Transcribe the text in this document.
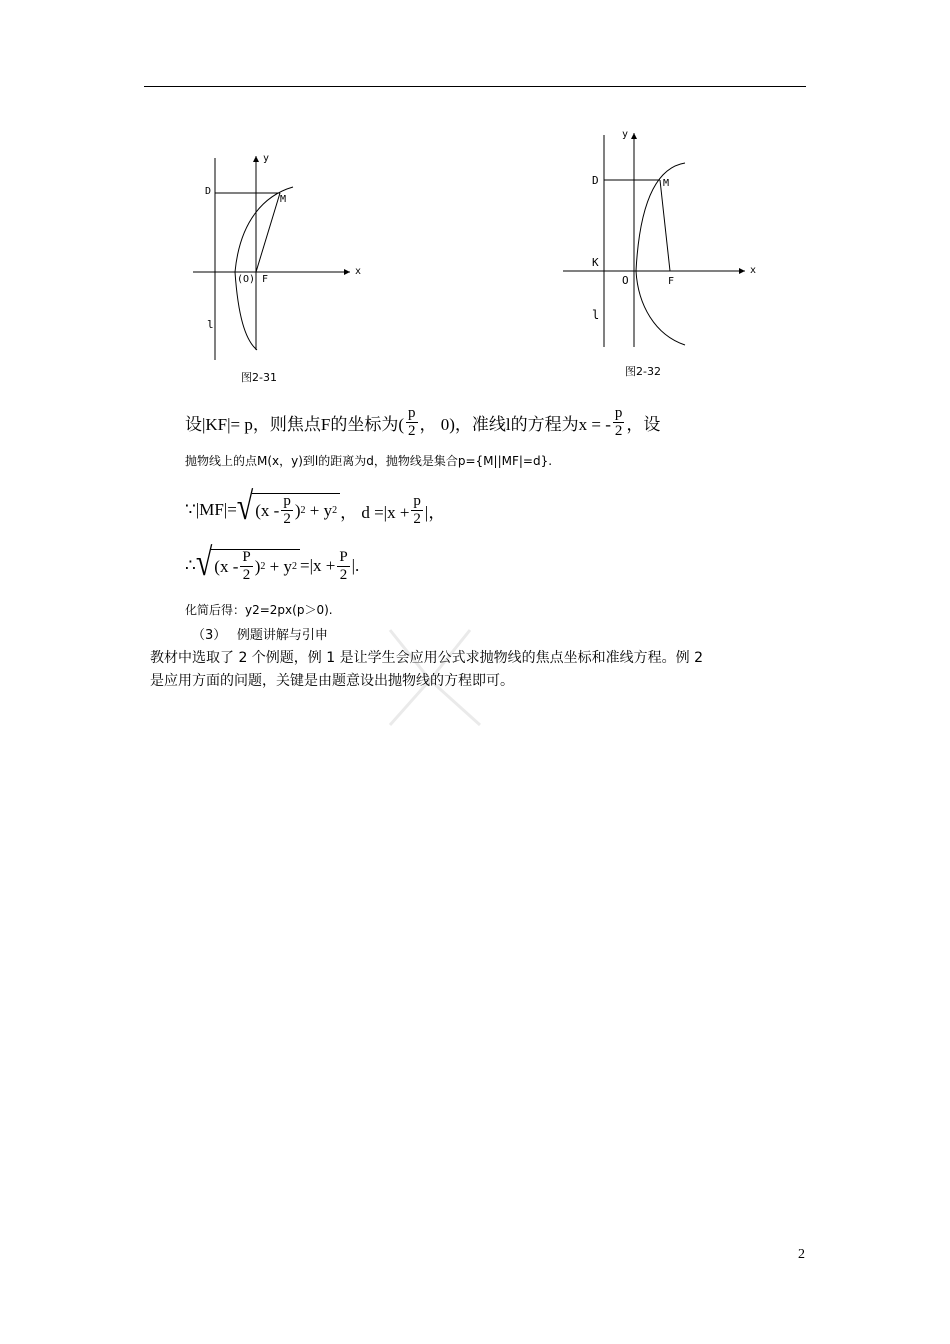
y
x
D
M
(O) F
l
图2-31
y
x
D	M
K
O	F
l
图2-32
设|KF|= p，则焦点F的坐标为( $\frac{p}{2}$ ， 0)，准线l的方程为x = - $\frac{p}{2}$ ，设
抛物线上的点M(x，y)到l的距离为d，抛物线是集合p={M||MF|=d}.
∵|MF|= √ ($x - \frac{p}{2}$ ) 2
+ y 2 ， $d =|x + \frac{p}{2}$ |，
∴ √ ($x - \frac{P}{2}$ ) 2
+ y $2 =|x + \frac{P}{2}$ |.
化简后得：y2=2px(p＞0).
（3）　 例题讲解与引申
教材中选取了 2 个例题，例 1 是让学生会应用公式求抛物线的焦点坐标和准线方程。例 2
是应用方面的问题，关键是由题意设出抛物线的方程即可。
2
